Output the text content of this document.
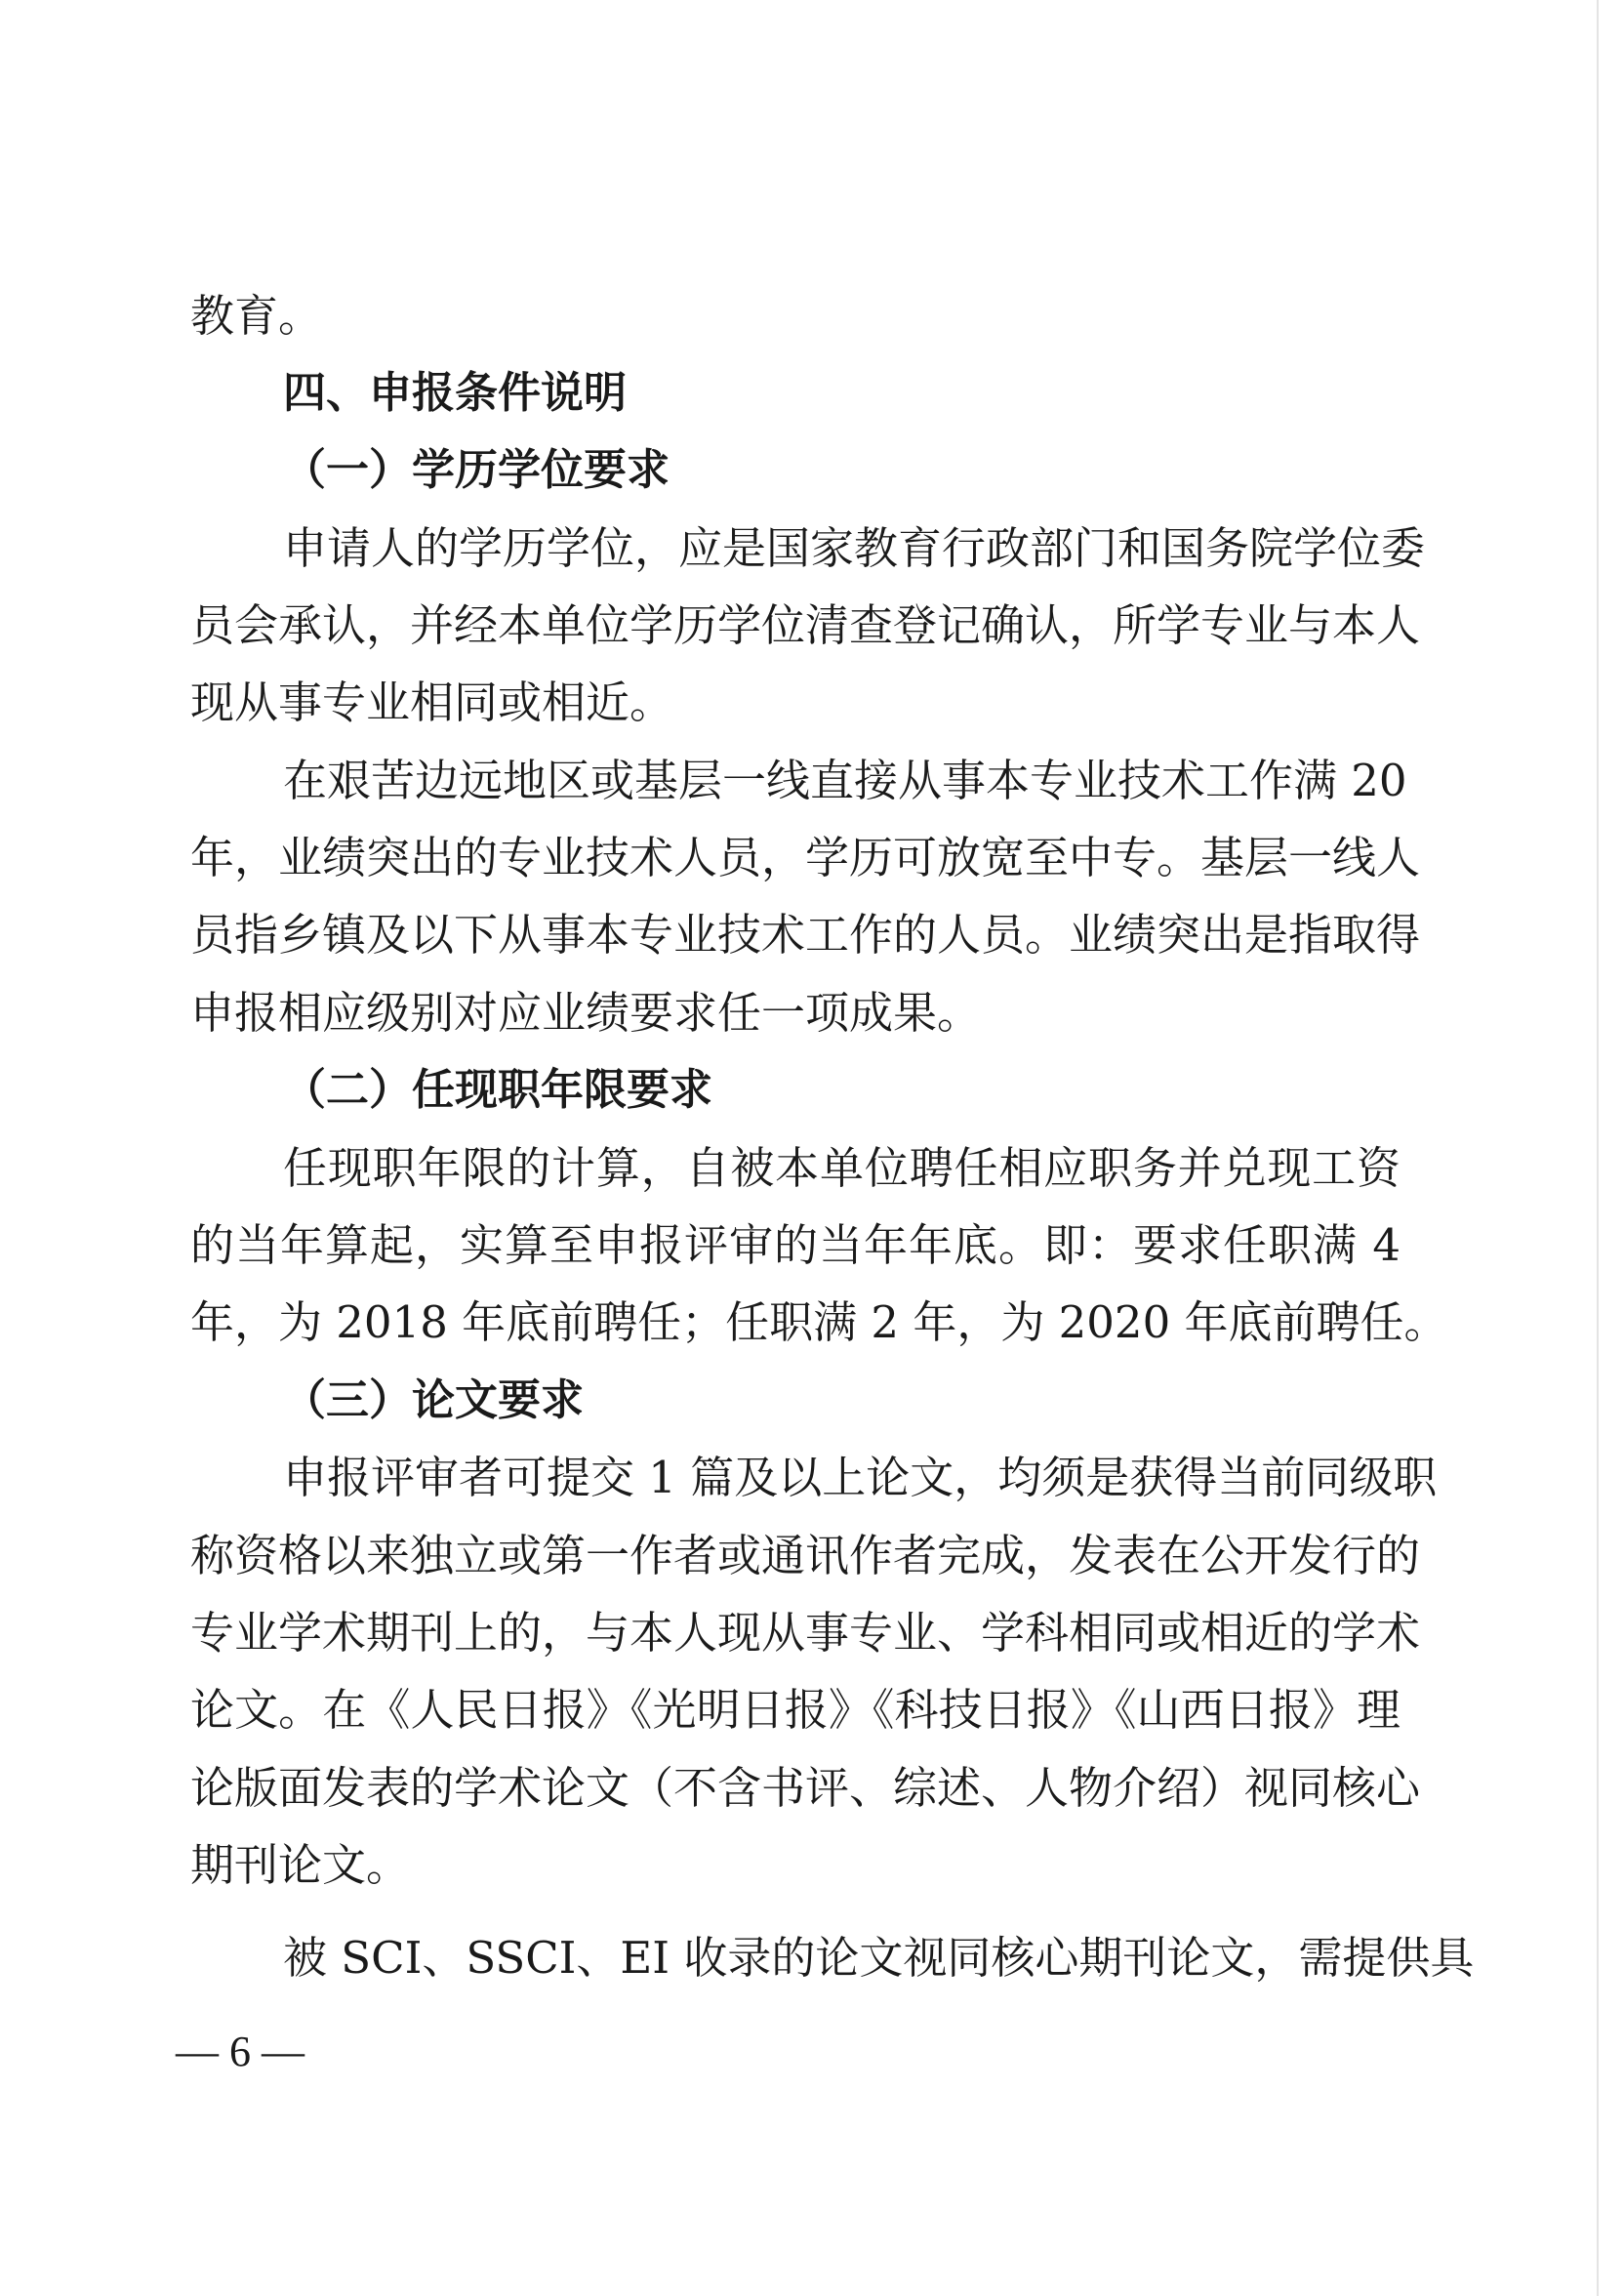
教育。
四、申报条件说明
（一）学历学位要求
申请人的学历学位，应是国家教育行政部门和国务院学位委
员会承认，并经本单位学历学位清查登记确认，所学专业与本人
现从事专业相同或相近。
在艰苦边远地区或基层一线直接从事本专业技术工作满 20
年，业绩突出的专业技术人员，学历可放宽至中专。基层一线人
员指乡镇及以下从事本专业技术工作的人员。业绩突出是指取得
申报相应级别对应业绩要求任一项成果。
（二）任现职年限要求
任现职年限的计算，自被本单位聘任相应职务并兑现工资
的当年算起，实算至申报评审的当年年底。即：要求任职满 4
年，为 2018 年底前聘任；任职满 2 年，为 2020 年底前聘任。
（三）论文要求
申报评审者可提交 1 篇及以上论文，均须是获得当前同级职
称资格以来独立或第一作者或通讯作者完成，发表在公开发行的
专业学术期刊上的，与本人现从事专业、学科相同或相近的学术
论文。在《人民日报》《光明日报》《科技日报》《山西日报》理
论版面发表的学术论文（不含书评、综述、人物介绍）视同核心
期刊论文。
被 SCI、SSCI、EI 收录的论文视同核心期刊论文，需提供具
— 6 —
